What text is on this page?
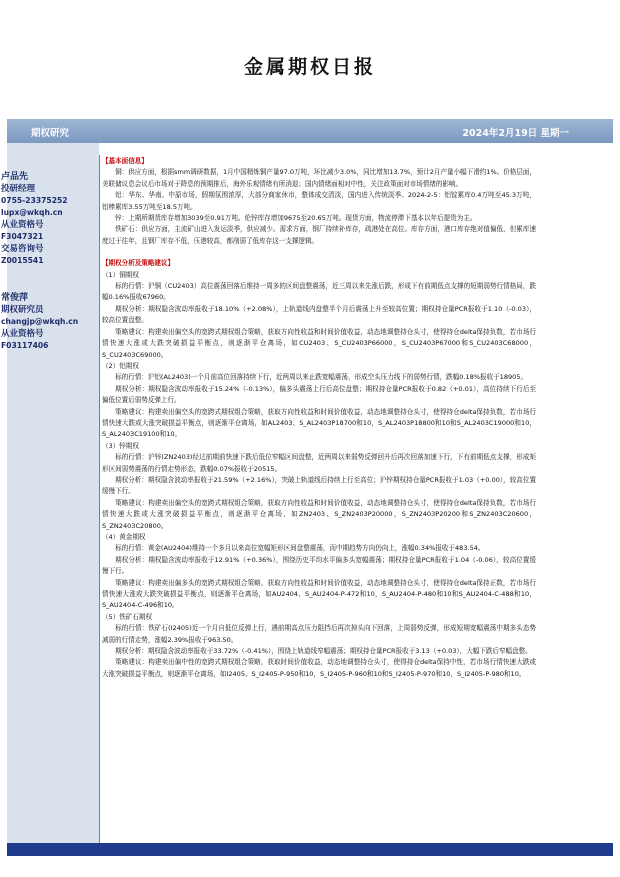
金属期权日报
期权研究	2024年2月19日 星期一
卢品先
投研经理
0755-23375252
lupx@wkqh.cn
从业资格号
F3047321
交易咨询号
Z0015541
常俊萍
期权研究员
changjp@wkqh.cn
从业资格号
F03117406
【基本面信息】

铜：供应方面，根据smm调研数据，1月中国精炼铜产量97.0万吨，环比减少3.0%，同比增加13.7%，预计2月产量小幅下滑约1%。价格层面，美联储议息会议后市场对于降息的预期推后，海外乐观情绪有所消退；国内情绪面相对中性，关注政策面对市场情绪的影响。

铝：华东、华南、中原市场，假期氛围浓厚，大部分商家休市，整体成交清淡，国内进入传统淡季。2024-2-5：铝锭累库0.4万吨至45.3万吨，铝棒累库3.55万吨至18.5万吨。

锌：上期所期货库存增加3039至0.91万吨。伦锌库存增加9675至20.65万吨。现货方面，物流停滞下基本以年后提货为主。

铁矿石：供应方面，主流矿山进入发运淡季，供应减少。需求方面，钢厂持续补库存，疏港处在高位。库存方面，港口库存绝对值偏低，但累库速度过于往年，且钢厂库存不低，压港较高，都削弱了低库存这一支撑逻辑。

【期权分析及策略建议】
（1）铜期权

标的行情：沪铜（CU2403）高位震荡回落后维持一周多的区间盘整震荡，近三周以来先涨后跌，形成下有前期低点支撑的短期弱势行情格局，跌幅0.16%报收67960。

期权分析：期权隐含波动率报收于18.10%（+2.08%），上轨道线内盘整半个月后震荡上升至较高位置；期权持仓量PCR报收于1.10（-0.03），较高位置盘整。

策略建议：构建卖出偏空头的宽跨式期权组合策略，获取方向性收益和时间价值收益，动态地调整持仓头寸，使得持仓delta保持负数，若市场行情快速大涨或大跌突破损益平衡点，则逐渐平仓离场，如CU2403、S_CU2403P66000，S_CU2403P67000和S_CU2403C68000，S_CU2403C69000。

（2）铝期权

标的行情：沪铝(AL2403)一个月前高位回落持续下行，近两周以来止跌宽幅震荡，形成空头压力线下的弱势行情，跌幅0.18%报收于18905。

期权分析：期权隐含波动率报收于15.24%（-0.13%），偏多头震荡上行后高位盘整；期权持仓量PCR报收于0.82（+0.01），高位持续下行后至偏低位置后弱势反弹上行。

策略建议：构建卖出偏空头的宽跨式期权组合策略，获取方向性收益和时间价值收益，动态地调整持仓头寸，使得持仓delta保持负数，若市场行情快速大跌或大涨突破损益平衡点，则逐渐平仓离场，如AL2403、S_AL2403P18700和10，S_AL2403P18800和10和S_AL2403C19000和10，S_AL2403C19100和10。

（3）锌期权

标的行情：沪锌(ZN2403)经过前期前快速下跌后低位窄幅区间盘整，近两周以来弱势反弹回升后再次回落加速下行，下有前期低点支撑，形成矩形区间弱势震荡的行情走势形态，跌幅0.07%报收于20515。

期权分析：期权隐含波动率报收于21.59%（+2.16%），突破上轨道线后持续上行至高位；沪锌期权持仓量PCR报收于1.03（+0.00），较高位置缓慢下行。

策略建议：构建卖出偏空头的宽跨式期权组合策略，获取方向性收益和时间价值收益，动态地调整持仓头寸，使得持仓delta保持负数，若市场行情快速大跌或大涨突破损益平衡点，则逐渐平仓离场，如ZN2403、S_ZN2403P20000，S_ZN2403P20200和S_ZN2403C20600，S_ZN2403C20800。

（4）黄金期权

标的行情：黄金(AU2404)维持一个多月以来高位宽幅矩形区间盘整震荡，而中期趋势方向仍向上，涨幅0.34%报收于483.54。

期权分析：期权隐含波动率报收于12.91%（+0.36%），围绕历史平均水平偏多头宽幅震荡；期权持仓量PCR报收于1.04（-0.06），较高位置缓慢下行。

策略建议：构建卖出偏多头的宽跨式期权组合策略，获取方向性收益和时间价值收益，动态地调整持仓头寸，使得持仓delta保持正数，若市场行情快速大涨或大跌突破损益平衡点，则逐渐平仓离场，如AU2404、S_AU2404-P-472和10，S_AU2404-P-480和10和S_AU2404-C-488和10，S_AU2404-C-496和10。

（5）铁矿石期权

标的行情：铁矿石(I2405)近一个月自低位反弹上行，遇前期高点压力阻挡后再次掉头向下回落，上周弱势反弹，形成短期宽幅震荡中期多头态势减弱的行情走势，涨幅2.39%报收于963.50。

期权分析：期权隐含波动率报收于33.72%（-0.41%），围绕上轨道线窄幅震荡；期权持仓量PCR报收于3.13（+0.03），大幅下跌后窄幅盘整。

策略建议：构建卖出偏中性的宽跨式期权组合策略，获取时间价值收益，动态地调整持仓头寸，使得持仓delta保持中性，若市场行情快速大跌或大涨突破损益平衡点，则逐渐平仓离场，如I2405、S_I2405-P-950和10，S_I2405-P-960和10和S_I2405-P-970和10，S_I2405-P-980和10。
